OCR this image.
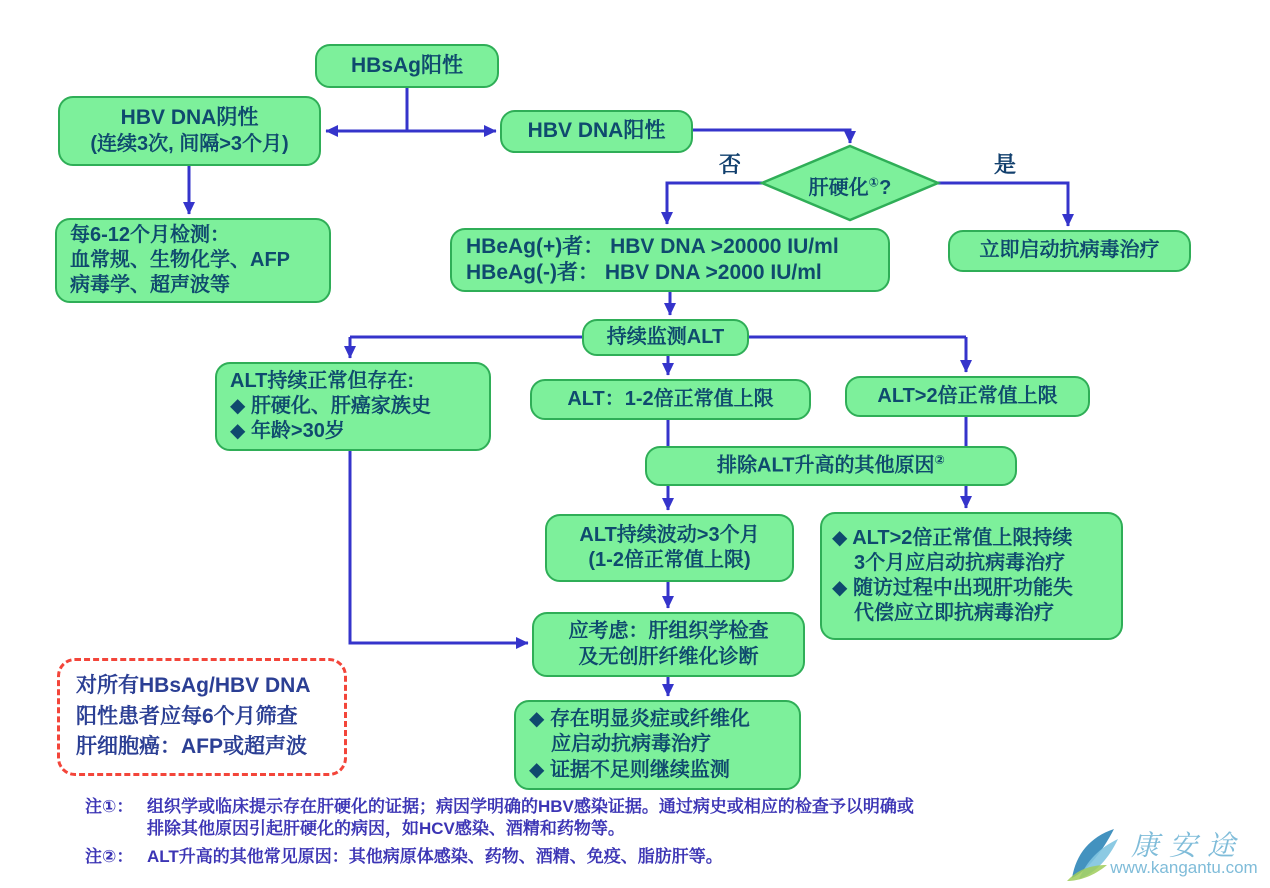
HBsAg阳性
HBV DNA阴性
(连续3次, 间隔>3个月)
HBV DNA阳性
肝硬化①?
否	是
每6-12个月检测：
血常规、生物化学、AFP
病毒学、超声波等
立即启动抗病毒治疗
HBeAg(+)者： HBV DNA >20000 IU/ml
HBeAg(-)者： HBV DNA >2000 IU/ml
持续监测ALT
ALT持续正常但存在:
◆ 肝硬化、肝癌家族史
◆ 年龄>30岁
ALT：1-2倍正常值上限	ALT>2倍正常值上限
排除ALT升高的其他原因②
ALT持续波动>3个月
(1-2倍正常值上限)
◆ ALT>2倍正常值上限持续
3个月应启动抗病毒治疗
◆ 随访过程中出现肝功能失
代偿应立即抗病毒治疗
应考虑：肝组织学检查
及无创肝纤维化诊断
◆ 存在明显炎症或纤维化
应启动抗病毒治疗
◆ 证据不足则继续监测
对所有HBsAg/HBV DNA
阳性患者应每6个月筛查
肝细胞癌：AFP或超声波
注①： 组织学或临床提示存在肝硬化的证据；病因学明确的HBV感染证据。通过病史或相应的检查予以明确或
排除其他原因引起肝硬化的病因，如HCV感染、酒精和药物等。
注②： ALT升高的其他常见原因：其他病原体感染、药物、酒精、免疫、脂肪肝等。	康安途
www.kangantu.com
